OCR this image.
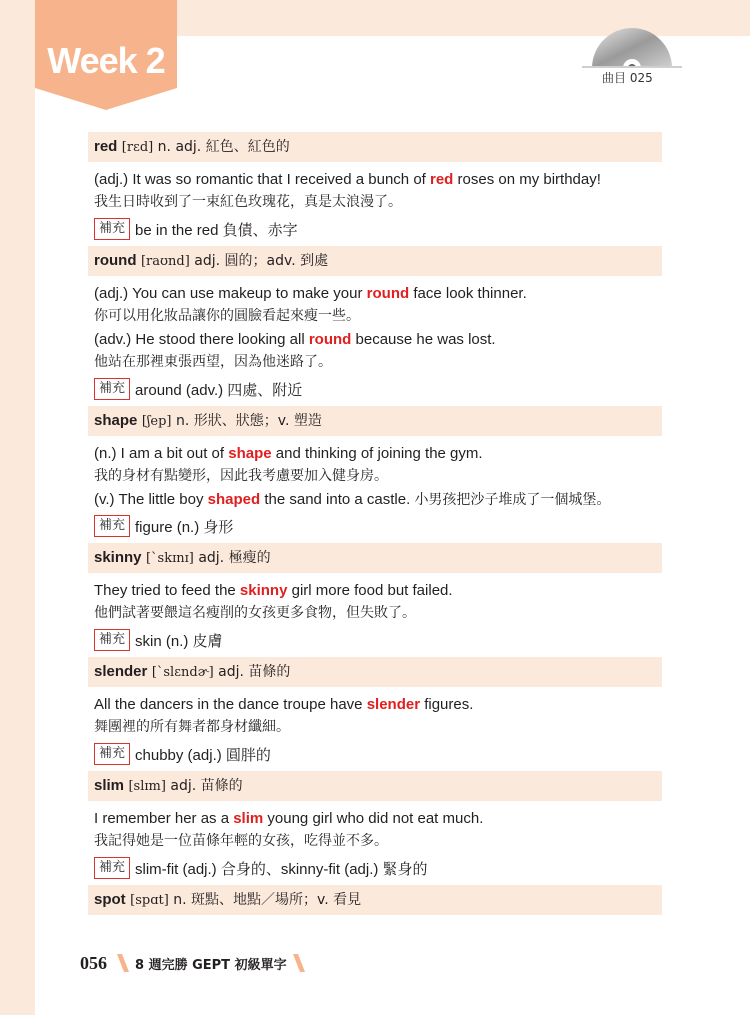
Week 2	曲目 025
red [rɛd] n. adj. 紅色、紅色的
(adj.) It was so romantic that I received a bunch of red roses on my birthday!
我生日時收到了一束紅色玫瑰花，真是太浪漫了。
補充 be in the red 負債、赤字
round [raʊnd] adj. 圓的；adv. 到處
(adj.) You can use makeup to make your round face look thinner.
你可以用化妝品讓你的圓臉看起來瘦一些。
(adv.) He stood there looking all round because he was lost.
他站在那裡東張西望，因為他迷路了。
補充 around (adv.) 四處、附近
shape [ʃep] n. 形狀、狀態；v. 塑造
(n.) I am a bit out of shape and thinking of joining the gym.
我的身材有點變形，因此我考慮要加入健身房。
(v.) The little boy shaped the sand into a castle. 小男孩把沙子堆成了一個城堡。
補充 figure (n.) 身形
skinny [ˋskɪnɪ] adj. 極瘦的
They tried to feed the skinny girl more food but failed.
他們試著要餵這名瘦削的女孩更多食物，但失敗了。
補充 skin (n.) 皮膚
slender [ˋslɛndɚ] adj. 苗條的
All the dancers in the dance troupe have slender figures.
舞團裡的所有舞者都身材纖細。
補充 chubby (adj.) 圓胖的
slim [slɪm] adj. 苗條的
I remember her as a slim young girl who did not eat much.
我記得她是一位苗條年輕的女孩，吃得並不多。
補充 slim-fit (adj.) 合身的、skinny-fit (adj.) 緊身的
spot [spɑt] n. 斑點、地點／場所；v. 看見
056 8 週完勝 GEPT 初級單字
